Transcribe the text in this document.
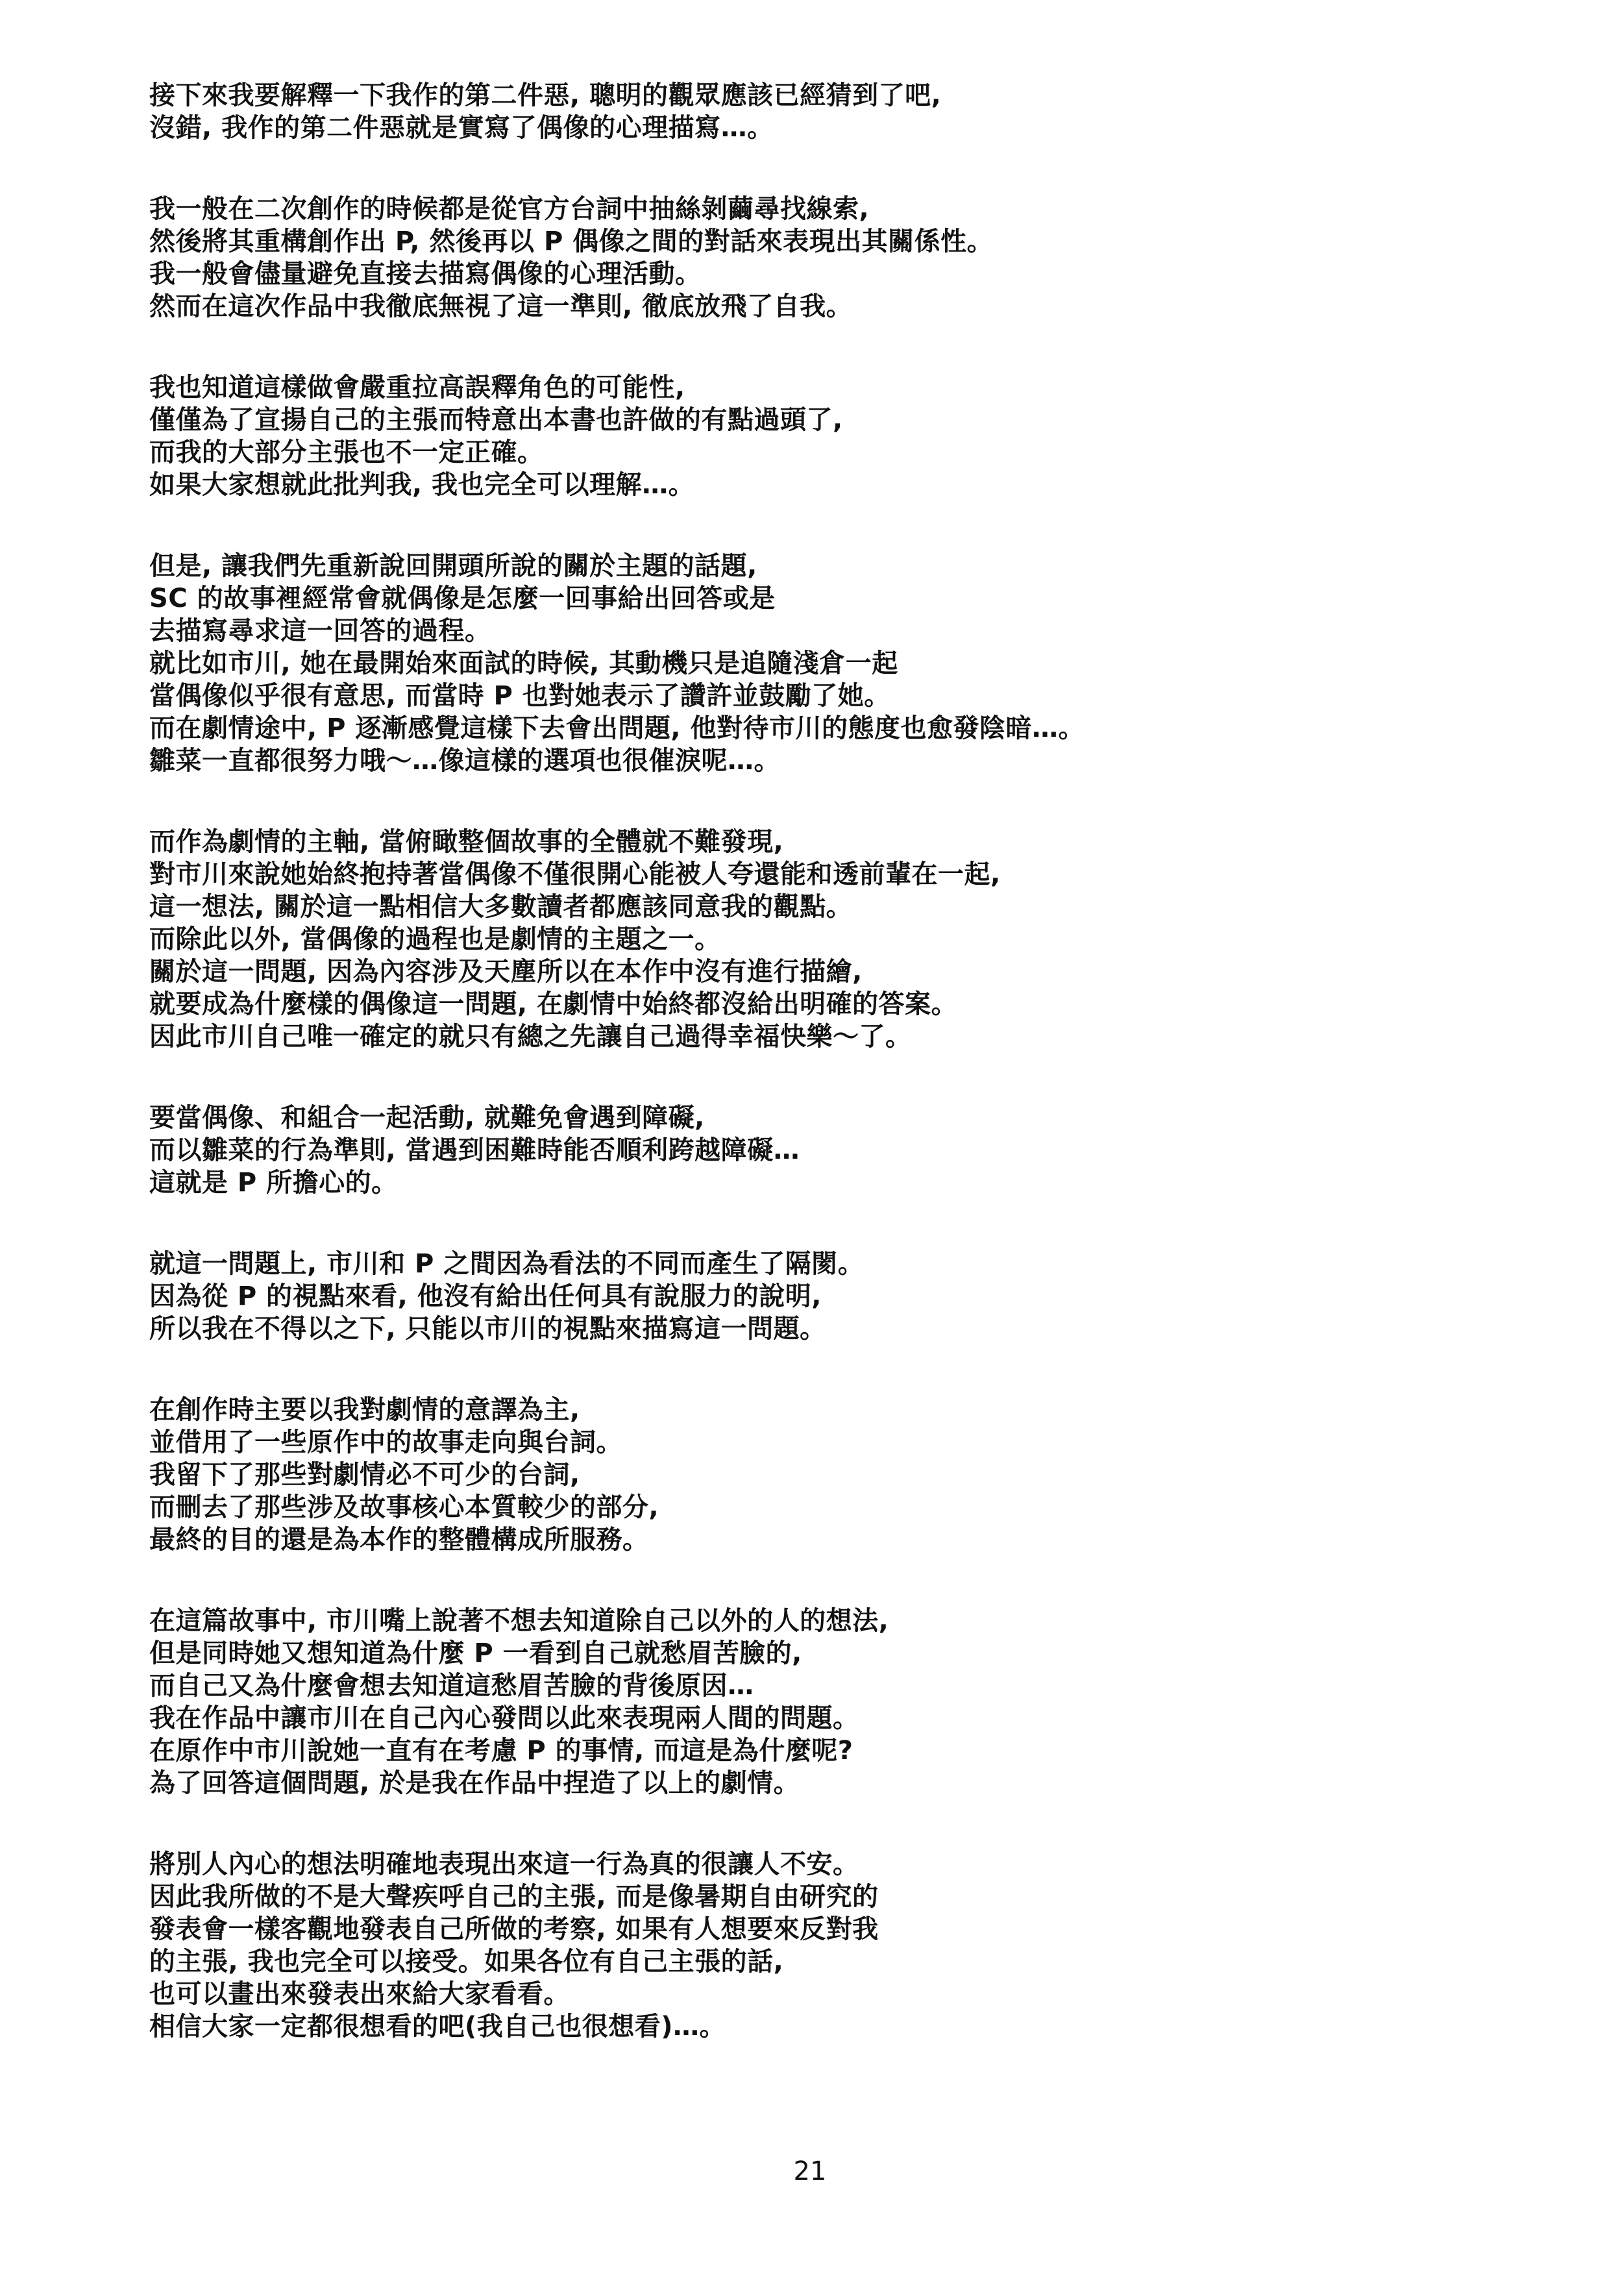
接下來我要解釋一下我作的第二件惡, 聰明的觀眾應該已經猜到了吧,
沒錯, 我作的第二件惡就是實寫了偶像的心理描寫…。
我一般在二次創作的時候都是從官方台詞中抽絲剝繭尋找線索,
然後將其重構創作出 P, 然後再以 P 偶像之間的對話來表現出其關係性。
我一般會儘量避免直接去描寫偶像的心理活動。
然而在這次作品中我徹底無視了這一準則, 徹底放飛了自我。
我也知道這樣做會嚴重拉高誤釋角色的可能性,
僅僅為了宣揚自己的主張而特意出本書也許做的有點過頭了,
而我的大部分主張也不一定正確。
如果大家想就此批判我, 我也完全可以理解…。
但是, 讓我們先重新說回開頭所說的關於主題的話題,
SC 的故事裡經常會就偶像是怎麼一回事給出回答或是
去描寫尋求這一回答的過程。
就比如市川, 她在最開始來面試的時候, 其動機只是追隨淺倉一起
當偶像似乎很有意思, 而當時 P 也對她表示了讚許並鼓勵了她。
而在劇情途中, P 逐漸感覺這樣下去會出問題, 他對待市川的態度也愈發陰暗…。
雛菜一直都很努力哦～…像這樣的選項也很催淚呢…。
而作為劇情的主軸, 當俯瞰整個故事的全體就不難發現,
對市川來說她始終抱持著當偶像不僅很開心能被人夸還能和透前輩在一起,
這一想法, 關於這一點相信大多數讀者都應該同意我的觀點。
而除此以外, 當偶像的過程也是劇情的主題之一。
關於這一問題, 因為內容涉及天塵所以在本作中沒有進行描繪,
就要成為什麼樣的偶像這一問題, 在劇情中始終都沒給出明確的答案。
因此市川自己唯一確定的就只有總之先讓自己過得幸福快樂～了。
要當偶像、和組合一起活動, 就難免會遇到障礙,
而以雛菜的行為準則, 當遇到困難時能否順利跨越障礙…
這就是 P 所擔心的。
就這一問題上, 市川和 P 之間因為看法的不同而產生了隔閡。
因為從 P 的視點來看, 他沒有給出任何具有說服力的說明,
所以我在不得以之下, 只能以市川的視點來描寫這一問題。
在創作時主要以我對劇情的意譯為主,
並借用了一些原作中的故事走向與台詞。
我留下了那些對劇情必不可少的台詞,
而刪去了那些涉及故事核心本質較少的部分,
最終的目的還是為本作的整體構成所服務。
在這篇故事中, 市川嘴上說著不想去知道除自己以外的人的想法,
但是同時她又想知道為什麼 P 一看到自己就愁眉苦臉的,
而自己又為什麼會想去知道這愁眉苦臉的背後原因…
我在作品中讓市川在自己內心發問以此來表現兩人間的問題。
在原作中市川說她一直有在考慮 P 的事情, 而這是為什麼呢?
為了回答這個問題, 於是我在作品中捏造了以上的劇情。
將別人內心的想法明確地表現出來這一行為真的很讓人不安。
因此我所做的不是大聲疾呼自己的主張, 而是像暑期自由研究的
發表會一樣客觀地發表自己所做的考察, 如果有人想要來反對我
的主張, 我也完全可以接受。如果各位有自己主張的話,
也可以畫出來發表出來給大家看看。
相信大家一定都很想看的吧(我自己也很想看)…。
21
